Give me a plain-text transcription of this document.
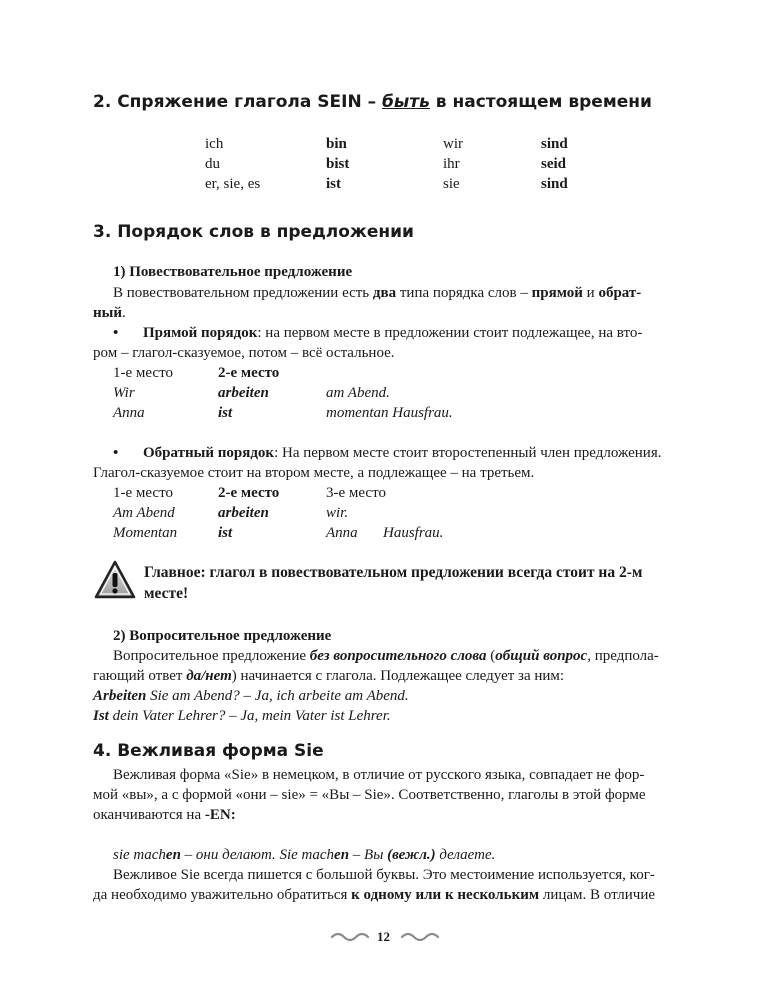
2. Спряжение глагола SEIN – быть в настоящем времени
ich	bin	wir	sind
du	bist	ihr	seid
er, sie, es	ist	sie	sind
3. Порядок слов в предложении
1) Повествовательное предложение
В повествовательном предложении есть два типа порядка слов – прямой и обрат-
ный.
• Прямой порядок: на первом месте в предложении стоит подлежащее, на вто-
ром – глагол-сказуемое, потом – всё остальное.
1-е место	2-е место
Wir	arbeiten	am Abend.
Anna	ist	momentan Hausfrau.
• Обратный порядок: На первом месте стоит второстепенный член предложения.
Глагол-сказуемое стоит на втором месте, а подлежащее – на третьем.
1-е место	2-е место	3-е место
Am Abend	arbeiten	wir.
Momentan	ist	Anna Hausfrau.
Главное: глагол в повествовательном предложении всегда стоит на 2-м
месте!
2) Вопросительное предложение
Вопросительное предложение без вопросительного слова (общий вопрос, предпола-
гающий ответ да/нет) начинается с глагола. Подлежащее следует за ним:
Arbeiten Sie am Abend? – Ja, ich arbeite am Abend.
Ist dein Vater Lehrer? – Ja, mein Vater ist Lehrer.
4. Вежливая форма Sie
Вежливая форма «Sie» в немецком, в отличие от русского языка, совпадает не фор-
мой «вы», а с формой «они – sie» = «Вы – Sie». Соответственно, глаголы в этой форме
оканчиваются на -EN:
sie machen – они делают. Sie machen – Вы (вежл.) делаете.
Вежливое Sie всегда пишется с большой буквы. Это местоимение используется, ког-
да необходимо уважительно обратиться к одному или к нескольким лицам. В отличие
12
